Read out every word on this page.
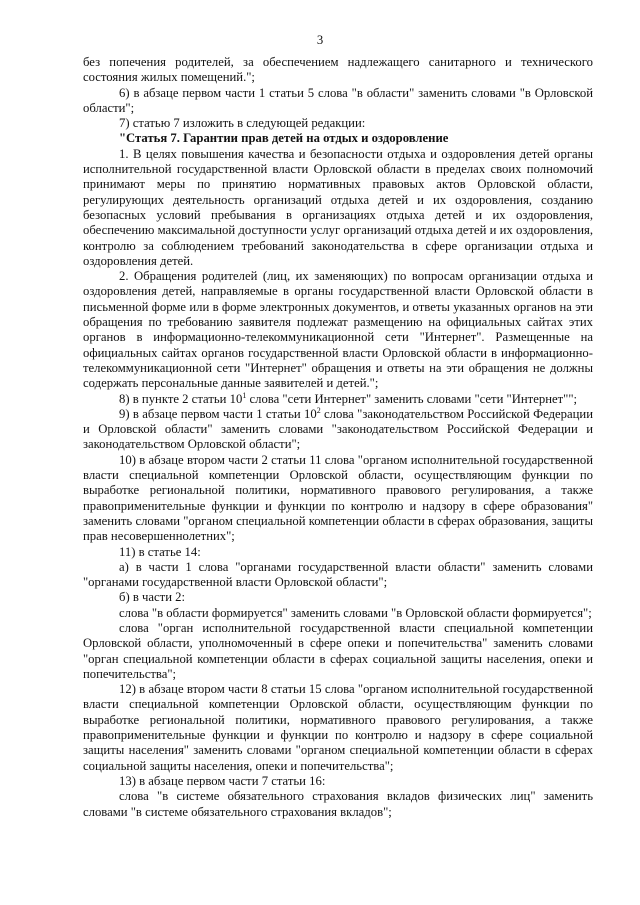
3

без попечения родителей, за обеспечением надлежащего санитарного и технического состояния жилых помещений.";

6) в абзаце первом части 1 статьи 5 слова "в области" заменить словами "в Орловской области";

7) статью 7 изложить в следующей редакции:

"Статья 7. Гарантии прав детей на отдых и оздоровление

1. В целях повышения качества и безопасности отдыха и оздоровления детей органы исполнительной государственной власти Орловской области в пределах своих полномочий принимают меры по принятию нормативных правовых актов Орловской области, регулирующих деятельность организаций отдыха детей и их оздоровления, созданию безопасных условий пребывания в организациях отдыха детей и их оздоровления, обеспечению максимальной доступности услуг организаций отдыха детей и их оздоровления, контролю за соблюдением требований законодательства в сфере организации отдыха и оздоровления детей.

2. Обращения родителей (лиц, их заменяющих) по вопросам организации отдыха и оздоровления детей, направляемые в органы государственной власти Орловской области в письменной форме или в форме электронных документов, и ответы указанных органов на эти обращения по требованию заявителя подлежат размещению на официальных сайтах этих органов в информационно-телекоммуникационной сети "Интернет". Размещенные на официальных сайтах органов государственной власти Орловской области в информационно-телекоммуникационной сети "Интернет" обращения и ответы на эти обращения не должны содержать персональные данные заявителей и детей.";

8) в пункте 2 статьи $10^1$ слова "сети Интернет" заменить словами "сети "Интернет"";

9) в абзаце первом части 1 статьи $10^2$ слова "законодательством Российской Федерации и Орловской области" заменить словами "законодательством Российской Федерации и законодательством Орловской области";

10) в абзаце втором части 2 статьи 11 слова "органом исполнительной государственной власти специальной компетенции Орловской области, осуществляющим функции по выработке региональной политики, нормативного правового регулирования, а также правоприменительные функции и функции по контролю и надзору в сфере образования" заменить словами "органом специальной компетенции области в сферах образования, защиты прав несовершеннолетних";

11) в статье 14:

а) в части 1 слова "органами государственной власти области" заменить словами "органами государственной власти Орловской области";

б) в части 2:

слова "в области формируется" заменить словами "в Орловской области формируется";

слова "орган исполнительной государственной власти специальной компетенции Орловской области, уполномоченный в сфере опеки и попечительства" заменить словами "орган специальной компетенции области в сферах социальной защиты населения, опеки и попечительства";

12) в абзаце втором части 8 статьи 15 слова "органом исполнительной государственной власти специальной компетенции Орловской области, осуществляющим функции по выработке региональной политики, нормативного правового регулирования, а также правоприменительные функции и функции по контролю и надзору в сфере социальной защиты населения" заменить словами "органом специальной компетенции области в сферах социальной защиты населения, опеки и попечительства";

13) в абзаце первом части 7 статьи 16:

слова "в системе обязательного страхования вкладов физических лиц" заменить словами "в системе обязательного страхования вкладов";
